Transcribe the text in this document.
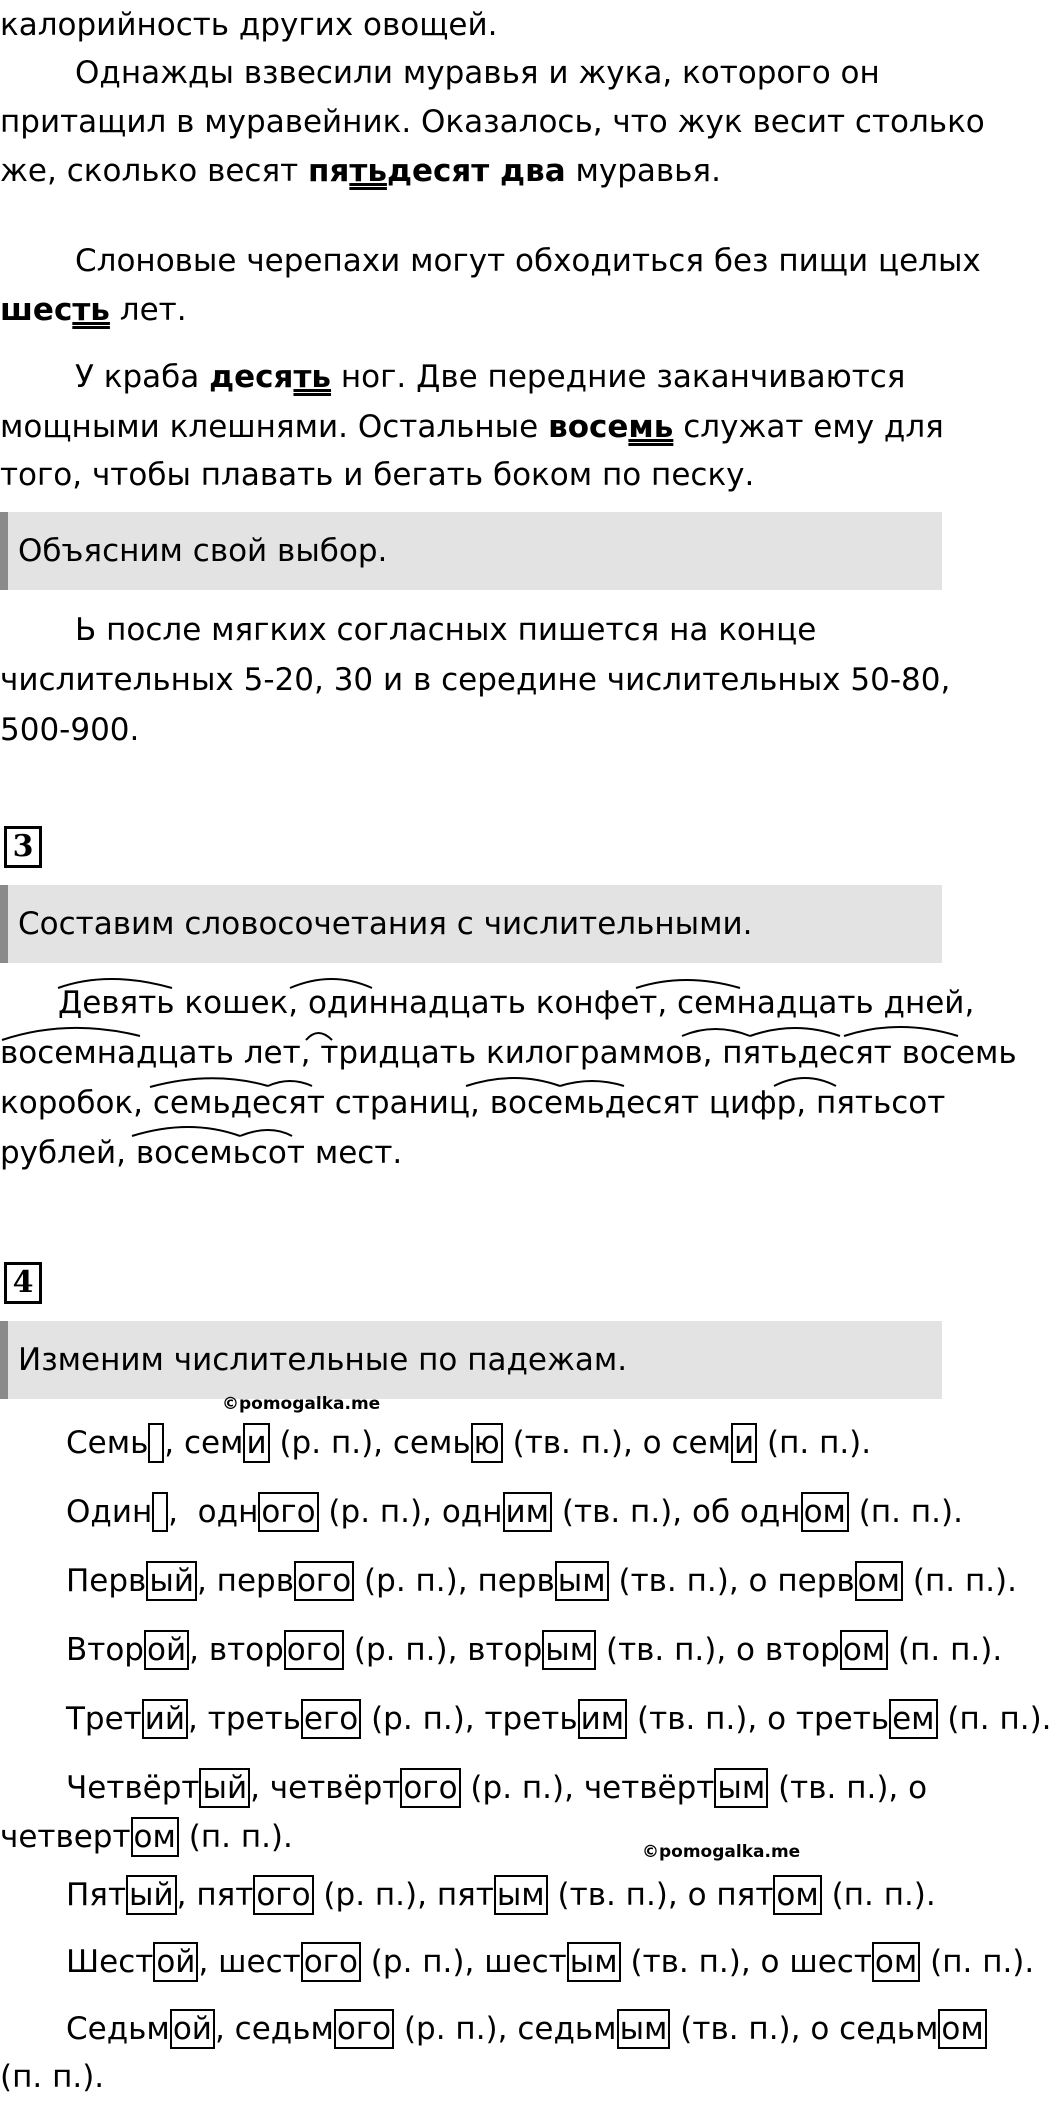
калорийность других овощей.
Однажды взвесили муравья и жука, которого он
притащил в муравейник. Оказалось, что жук весит столько
же, сколько весят пятьдесят два муравья.
Слоновые черепахи могут обходиться без пищи целых
шесть лет.
У краба десять ног. Две передние заканчиваются
мощными клешнями. Остальные восемь служат ему для
того, чтобы плавать и бегать боком по песку.
Объясним свой выбор.
Ь после мягких согласных пишется на конце
числительных 5-20, 30 и в середине числительных 50-80,
500-900.
3
Составим словосочетания с числительными.
Девять кошек, одиннадцать конфет, семнадцать дней,
восемнадцать лет, тридцать килограммов, пятьдесят восемь
коробок, семьдесят страниц, восемьдесят цифр, пятьсот
рублей, восемьсот мест.
4
Изменим числительные по падежам.
©pomogalka.me
Семь , семи (р. п.), семью (тв. п.), о семи (п. п.).
Один ,  одного (р. п.), одним (тв. п.), об одном (п. п.).
Первый, первого (р. п.), первым (тв. п.), о первом (п. п.).
Второй, второго (р. п.), вторым (тв. п.), о втором (п. п.).
Третий, третьего (р. п.), третьим (тв. п.), о третьем (п. п.).
Четвёртый, четвёртого (р. п.), четвёртым (тв. п.), о
четвертом (п. п.).	©pomogalka.me
Пятый, пятого (р. п.), пятым (тв. п.), о пятом (п. п.).
Шестой, шестого (р. п.), шестым (тв. п.), о шестом (п. п.).
Седьмой, седьмого (р. п.), седьмым (тв. п.), о седьмом
(п. п.).
